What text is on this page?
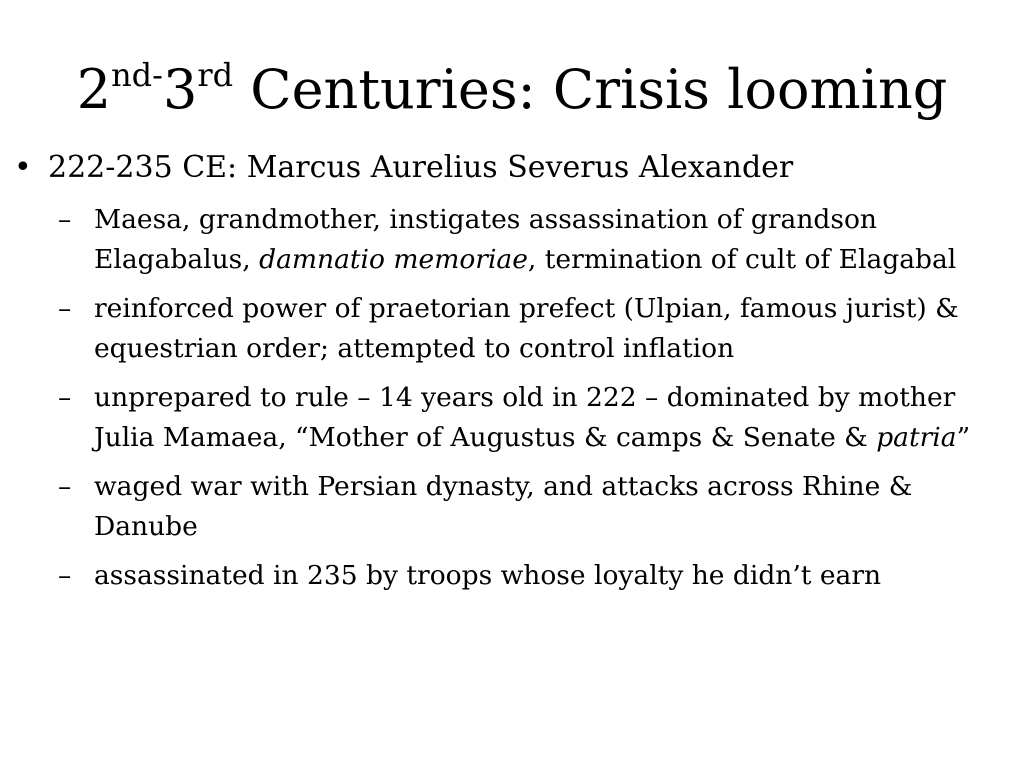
$2^{nd-}3rd$ Centuries: Crisis looming
• 222-235 CE: Marcus Aurelius Severus Alexander
– Maesa, grandmother, instigates assassination of grandson Elagabalus, damnatio memoriae, termination of cult of Elagabal
– reinforced power of praetorian prefect (Ulpian, famous jurist) & equestrian order; attempted to control inflation
– unprepared to rule – 14 years old in 222 – dominated by mother Julia Mamaea, “Mother of Augustus & camps & Senate & patria”
– waged war with Persian dynasty, and attacks across Rhine & Danube
– assassinated in 235 by troops whose loyalty he didn’t earn
